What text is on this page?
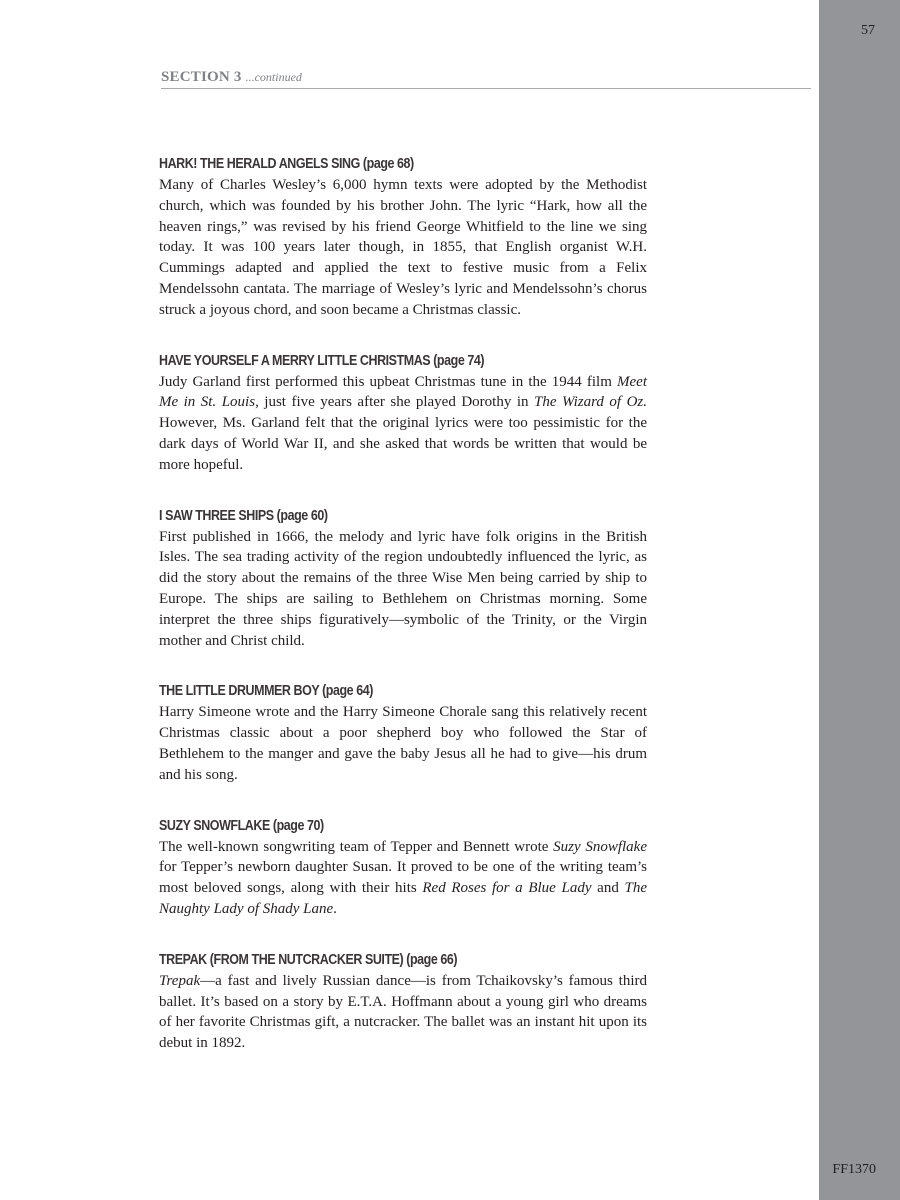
57
FF1370
SECTION 3 ...continued
HARK! THE HERALD ANGELS SING (page 68)

Many of Charles Wesley’s 6,000 hymn texts were adopted by the Methodist church, which was founded by his brother John. The lyric “Hark, how all the heaven rings,” was revised by his friend George Whitfield to the line we sing today. It was 100 years later though, in 1855, that English organist W.H. Cummings adapted and applied the text to festive music from a Felix Mendelssohn cantata. The marriage of Wesley’s lyric and Mendelssohn’s chorus struck a joyous chord, and soon became a Christmas classic.

HAVE YOURSELF A MERRY LITTLE CHRISTMAS (page 74)

Judy Garland first performed this upbeat Christmas tune in the 1944 film Meet Me in St. Louis, just five years after she played Dorothy in The Wizard of Oz. However, Ms. Garland felt that the original lyrics were too pessimistic for the dark days of World War II, and she asked that words be written that would be more hopeful.

I SAW THREE SHIPS (page 60)

First published in 1666, the melody and lyric have folk origins in the British Isles. The sea trading activity of the region undoubtedly influenced the lyric, as did the story about the remains of the three Wise Men being carried by ship to Europe. The ships are sailing to Bethlehem on Christmas morning. Some interpret the three ships figuratively—symbolic of the Trinity, or the Virgin mother and Christ child.

THE LITTLE DRUMMER BOY (page 64)

Harry Simeone wrote and the Harry Simeone Chorale sang this relatively recent Christmas classic about a poor shepherd boy who followed the Star of Bethlehem to the manger and gave the baby Jesus all he had to give—his drum and his song.

SUZY SNOWFLAKE (page 70)

The well-known songwriting team of Tepper and Bennett wrote Suzy Snowflake for Tepper’s newborn daughter Susan. It proved to be one of the writing team’s most beloved songs, along with their hits Red Roses for a Blue Lady and The Naughty Lady of Shady Lane.

TREPAK (FROM THE NUTCRACKER SUITE) (page 66)

Trepak—a fast and lively Russian dance—is from Tchaikovsky’s famous third ballet. It’s based on a story by E.T.A. Hoffmann about a young girl who dreams of her favorite Christmas gift, a nutcracker. The ballet was an instant hit upon its debut in 1892.
